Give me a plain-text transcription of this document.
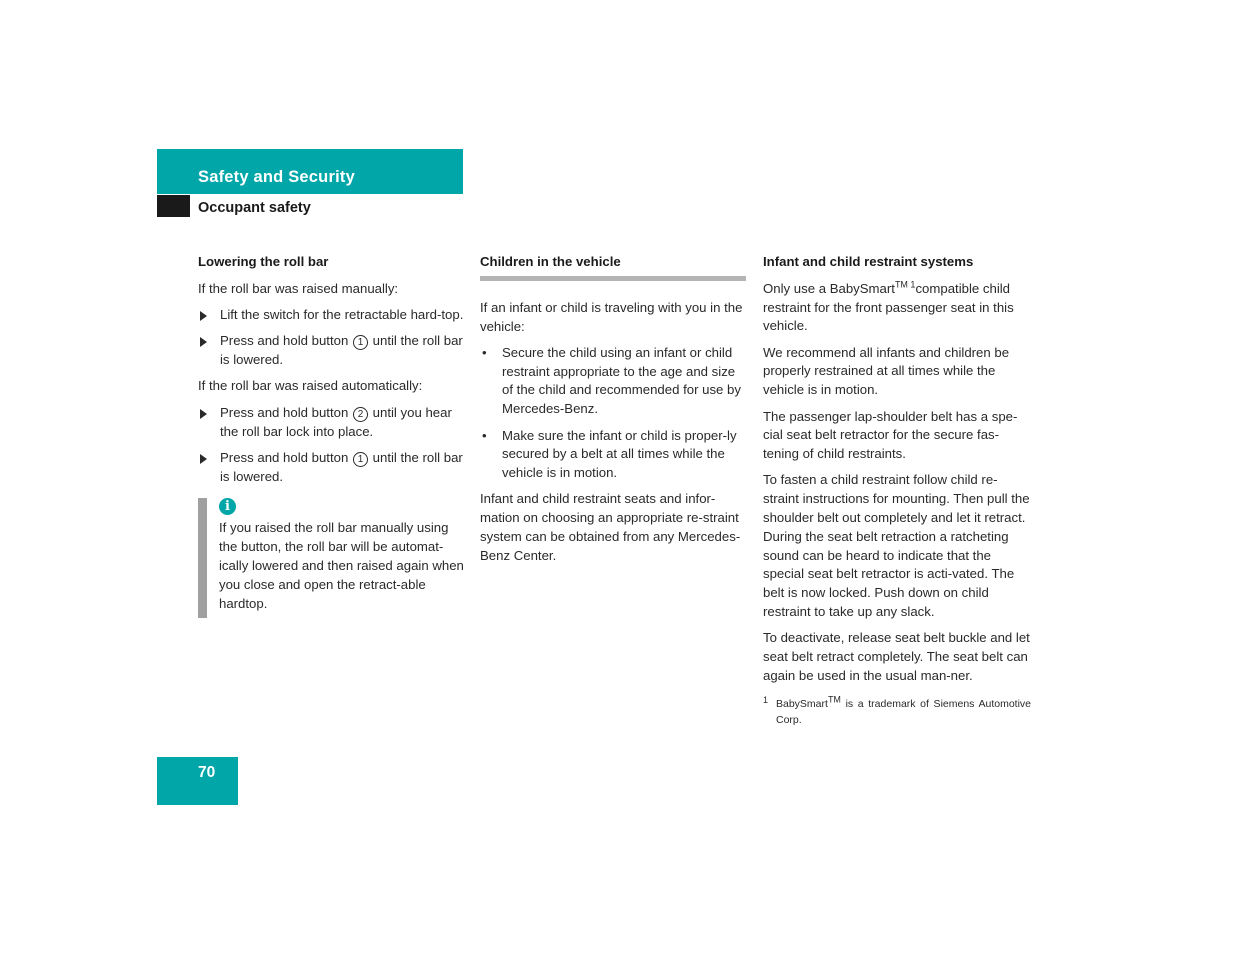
Safety and Security
Occupant safety
Lowering the roll bar

If the roll bar was raised manually:

Lift the switch for the retractable hard-top.
Press and hold button 1 until the roll bar is lowered.

If the roll bar was raised automatically:

Press and hold button 2 until you hear the roll bar lock into place.
Press and hold button 1 until the roll bar is lowered.
i
If you raised the roll bar manually using the button, the roll bar will be automat-ically lowered and then raised again when you close and open the retract-able hardtop.
Children in the vehicle

If an infant or child is traveling with you in the vehicle:

• Secure the child using an infant or child restraint appropriate to the age and size of the child and recommended for use by Mercedes-Benz.
• Make sure the infant or child is proper-ly secured by a belt at all times while the vehicle is in motion.

Infant and child restraint seats and infor-mation on choosing an appropriate re-straint system can be obtained from any Mercedes-Benz Center.

Infant and child restraint systems

Only use a BabySmart$^{TM 1}$compatible child restraint for the front passenger seat in this vehicle.

We recommend all infants and children be properly restrained at all times while the vehicle is in motion.

The passenger lap-shoulder belt has a spe-cial seat belt retractor for the secure fas-tening of child restraints.

To fasten a child restraint follow child re-straint instructions for mounting. Then pull the shoulder belt out completely and let it retract. During the seat belt retraction a ratcheting sound can be heard to indicate that the special seat belt retractor is acti-vated. The belt is now locked. Push down on child restraint to take up any slack.

To deactivate, release seat belt buckle and let seat belt retract completely. The seat belt can again be used in the usual man-ner.

1 BabySmart™ is a trademark of Siemens Automotive Corp.
70
